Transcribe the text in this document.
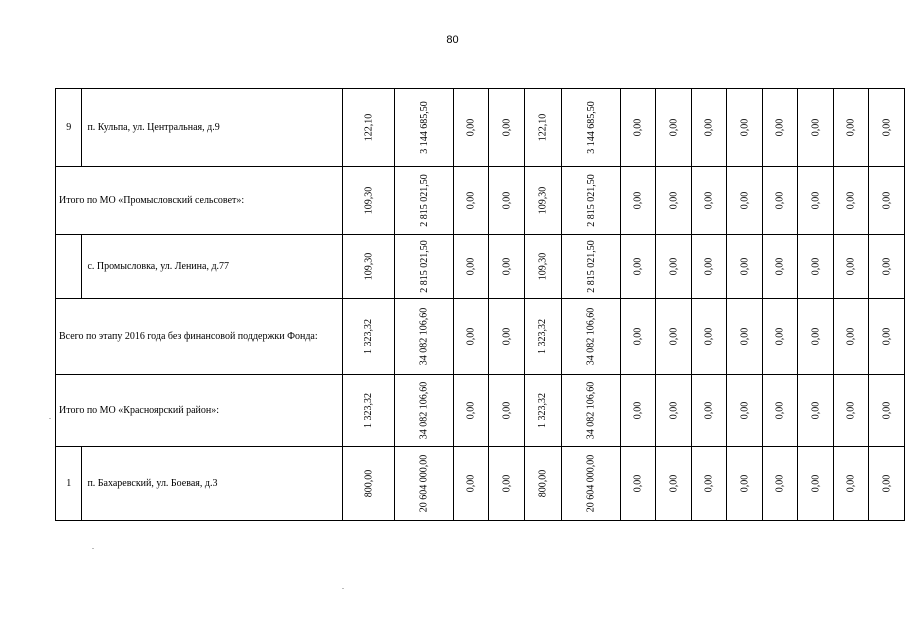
80
9	п. Кульпа, ул. Центральная, д.9	122,10	3 144 685,50	0,00	0,00	122,10	3 144 685,50	0,00	0,00	0,00	0,00	0,00	0,00	0,00	0,00
Итого по МО «Промысловский сельсовет»:		109,30	2 815 021,50	0,00	0,00	109,30	2 815 021,50	0,00	0,00	0,00	0,00	0,00	0,00	0,00	0,00
	с. Промысловка, ул. Ленина, д.77	109,30	2 815 021,50	0,00	0,00	109,30	2 815 021,50	0,00	0,00	0,00	0,00	0,00	0,00	0,00	0,00
Всего по этапу 2016 года без финансовой поддержки Фонда:		1 323,32	34 082 106,60	0,00	0,00	1 323,32	34 082 106,60	0,00	0,00	0,00	0,00	0,00	0,00	0,00	0,00
Итого по МО «Красноярский район»:		1 323,32	34 082 106,60	0,00	0,00	1 323,32	34 082 106,60	0,00	0,00	0,00	0,00	0,00	0,00	0,00	0,00
1	п. Бахаревский, ул. Боевая, д.3	800,00	20 604 000,00	0,00	0,00	800,00	20 604 000,00	0,00	0,00	0,00	0,00	0,00	0,00	0,00	0,00
